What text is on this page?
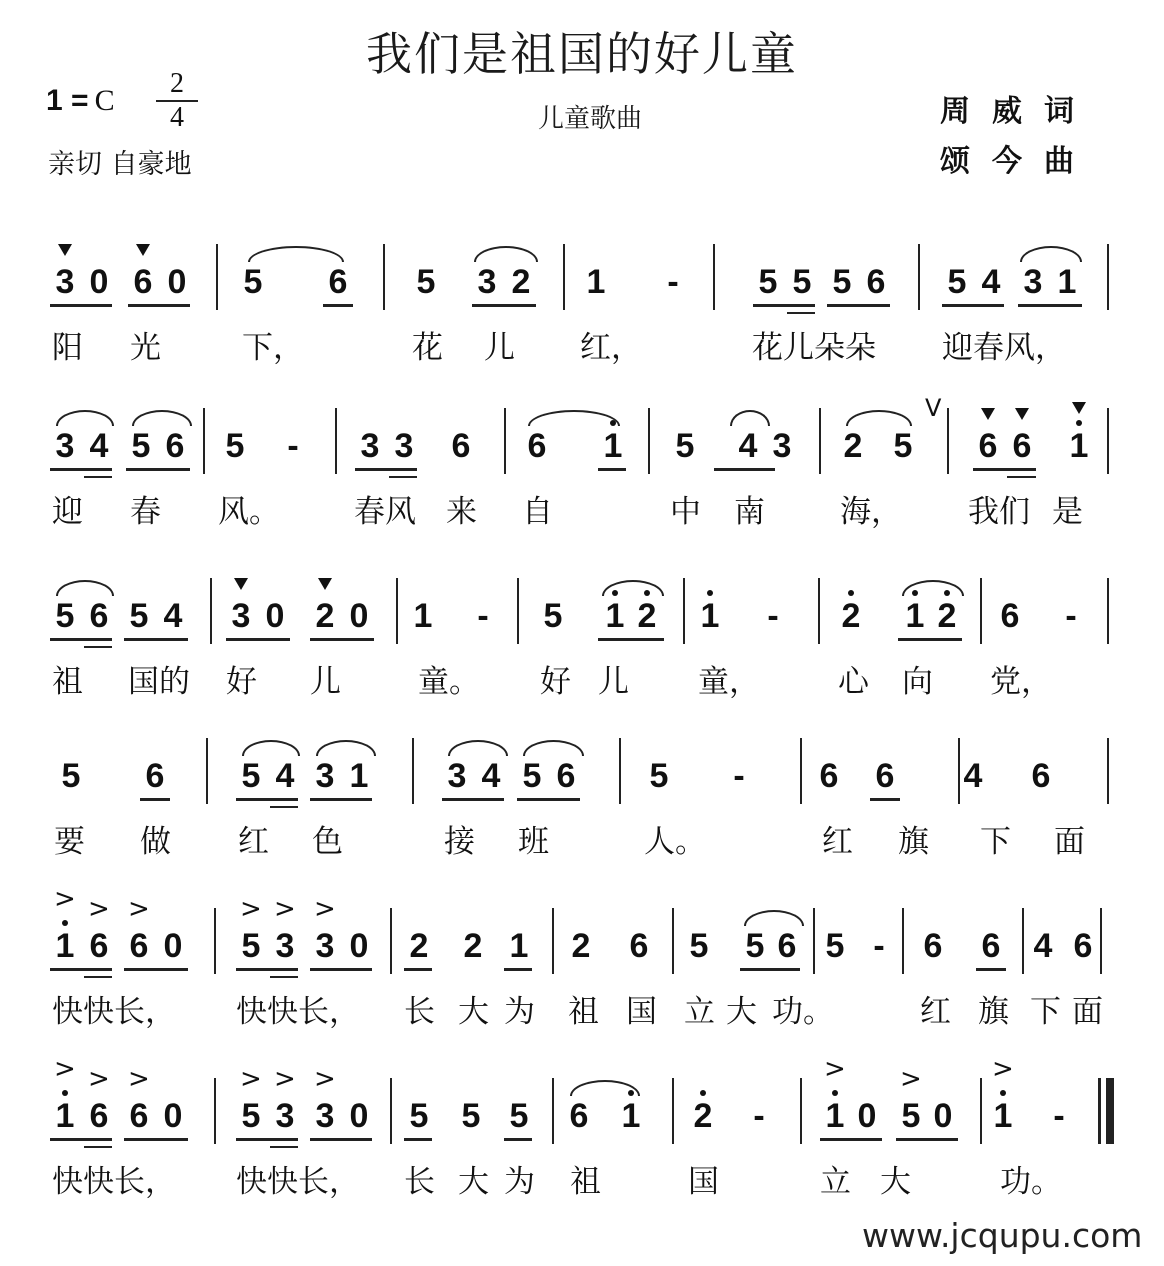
我们是祖国的好儿童
儿童歌曲
1 = C
2
4
亲切 自豪地
周威词
颂今曲
3 0 6 0 5 6 5 3 2 1 - 5 5 5 6 5 4 3 1
阳 光	下，	花 儿 红，	花儿朵朵 迎春风，
3 4 5 6 5 - 3 3 6 6 1 5 4 3 2 5 6 6 1
V
迎 春 风。 春风 来 自	中 南 海， 我们 是
5 6 5 4 3 0 2 0 1 - 5 1 2 1 - 2 1 2 6 -
祖 国的 好 儿 童。 好 儿 童，	心 向 党，
5 6 5 4 3 1 3 4 5 6 5 - 6 6 4 6
要 做 红 色	接 班	人。	红 旗 下 面
1
>
6
>
6
>
0 5
>
3
>
3
>
0 2 2 1 2 6 5 5 6 5 - 6 6 4 6
快快长， 快快长， 长 大 为 祖 国 立 大 功。	红 旗 下 面
1
>
6
>
6
>
0 5
>
3
>
3
>
0 5 5 5 6 1 2 - 1
>
0 5
>
0 1
>
-
快快长， 快快长， 长 大 为 祖	国	立 大	功。
www.jcqupu.com
